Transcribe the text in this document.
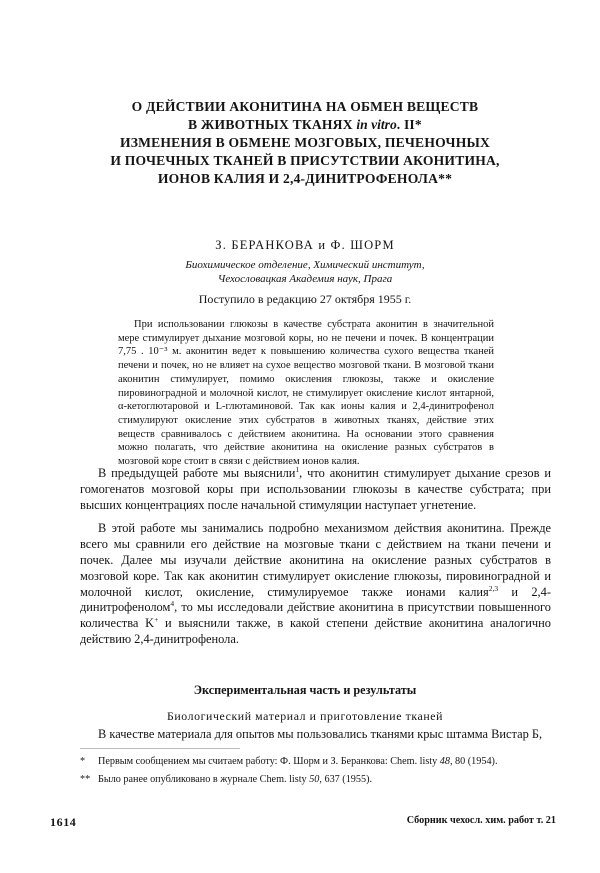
О ДЕЙСТВИИ АКОНИТИНА НА ОБМЕН ВЕЩЕСТВ
В ЖИВОТНЫХ ТКАНЯХ in vitro. II*
ИЗМЕНЕНИЯ В ОБМЕНЕ МОЗГОВЫХ, ПЕЧЕНОЧНЫХ
И ПОЧЕЧНЫХ ТКАНЕЙ В ПРИСУТСТВИИ АКОНИТИНА,
ИОНОВ КАЛИЯ И 2,4-ДИНИТРОФЕНОЛА**
З. БЕРАНКОВА и Ф. ШОРМ
Биохимическое отделение, Химический институт,
Чехословацкая Академия наук, Прага
Поступило в редакцию 27 октября 1955 г.

При использовании глюкозы в качестве субстрата аконитин в значительной мере стимулирует дыхание мозговой коры, но не печени и почек. В концентрации 7,75 . 10⁻³ м. аконитин ведет к повышению количества сухого вещества тканей печени и почек, но не влияет на сухое вещество мозговой ткани. В мозговой ткани аконитин стимулирует, помимо окисления глюкозы, также и окисление пировиноградной и молочной кислот, не стимулирует окисление кислот янтарной, α-кетоглютаровой и L-глютаминовой. Так как ионы калия и 2,4-динитрофенол стимулируют окисление этих субстратов в животных тканях, действие этих веществ сравнивалось с действием аконитина. На основании этого сравнения можно полагать, что действие аконитина на окисление разных субстратов в мозговой коре стоит в связи с действием ионов калия.

В предыдущей работе мы выяснили$^1$, что аконитин стимулирует дыхание срезов и гомогенатов мозговой коры при использовании глюкозы в качестве субстрата; при высших концентрациях после начальной стимуляции наступает угнетение.

В этой работе мы занимались подробно механизмом действия аконитина. Прежде всего мы сравнили его действие на мозговые ткани с действием на ткани печени и почек. Далее мы изучали действие аконитина на окисление разных субстратов в мозговой коре. Так как аконитин стимулирует окисление глюкозы, пировиноградной и молочной кислот, окисление, стимулируемое также ионами калия$^{2,3}$ и 2,4-динитрофенолом$^4$, то мы исследовали действие аконитина в присутствии повышенного количества K+ и выяснили также, в какой степени действие аконитина аналогично действию 2,4-динитрофенола.

Экспериментальная часть и результаты
Биологический материал и приготовление тканей
В качестве материала для опытов мы пользовались тканями крыс штамма Вистар Б,
* Первым сообщением мы считаем работу: Ф. Шорм и З. Беранкова: Chem. listy 48, 80 (1954).
** Было ранее опубликовано в журнале Chem. listy 50, 637 (1955).
1614	Сборник чехосл. хим. работ т. 21
